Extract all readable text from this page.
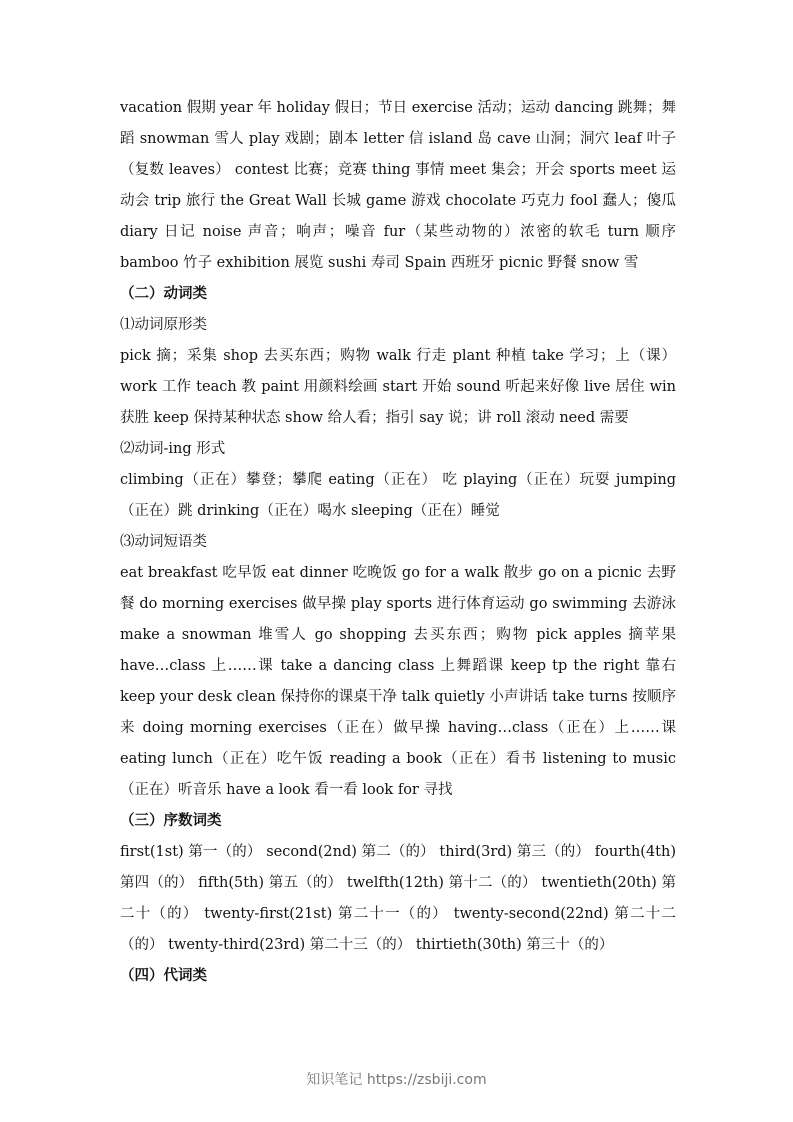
vacation 假期 year 年 holiday 假日；节日 exercise 活动；运动 dancing 跳舞；舞蹈 snowman 雪人 play 戏剧；剧本 letter 信 island 岛 cave 山洞；洞穴 leaf 叶子（复数 leaves） contest 比赛；竞赛 thing 事情 meet 集会；开会 sports meet 运动会 trip 旅行 the Great Wall 长城 game 游戏 chocolate 巧克力 fool 蠢人；傻瓜 diary 日记 noise 声音；响声；噪音 fur（某些动物的）浓密的软毛 turn 顺序 bamboo 竹子 exhibition 展览 sushi 寿司 Spain 西班牙 picnic 野餐 snow 雪

（二）动词类

⑴动词原形类

pick 摘；采集 shop 去买东西；购物 walk 行走 plant 种植 take 学习；上（课） work 工作 teach 教 paint 用颜料绘画 start 开始 sound 听起来好像 live 居住 win 获胜 keep 保持某种状态 show 给人看；指引 say 说；讲 roll 滚动 need 需要

⑵动词-ing 形式

climbing（正在）攀登；攀爬 eating（正在） 吃 playing（正在）玩耍 jumping（正在）跳 drinking（正在）喝水 sleeping（正在）睡觉

⑶动词短语类

eat breakfast 吃早饭 eat dinner 吃晚饭 go for a walk 散步 go on a picnic 去野餐 do morning exercises 做早操 play sports 进行体育运动 go swimming 去游泳 make a snowman 堆雪人 go shopping 去买东西；购物 pick apples 摘苹果 have…class 上……课 take a dancing class 上舞蹈课 keep tp the right 靠右 keep your desk clean 保持你的课桌干净 talk quietly 小声讲话 take turns 按顺序来 doing morning exercises（正在）做早操 having…class（正在）上……课 eating lunch（正在）吃午饭 reading a book（正在）看书 listening to music（正在）听音乐 have a look 看一看 look for 寻找

（三）序数词类

first(1st) 第一（的） second(2nd) 第二（的） third(3rd) 第三（的） fourth(4th) 第四（的） fifth(5th) 第五（的） twelfth(12th) 第十二（的） twentieth(20th) 第二十（的） twenty-first(21st) 第二十一（的） twenty-second(22nd) 第二十二（的） twenty-third(23rd) 第二十三（的） thirtieth(30th) 第三十（的）

（四）代词类

知识笔记 https://zsbiji.com
